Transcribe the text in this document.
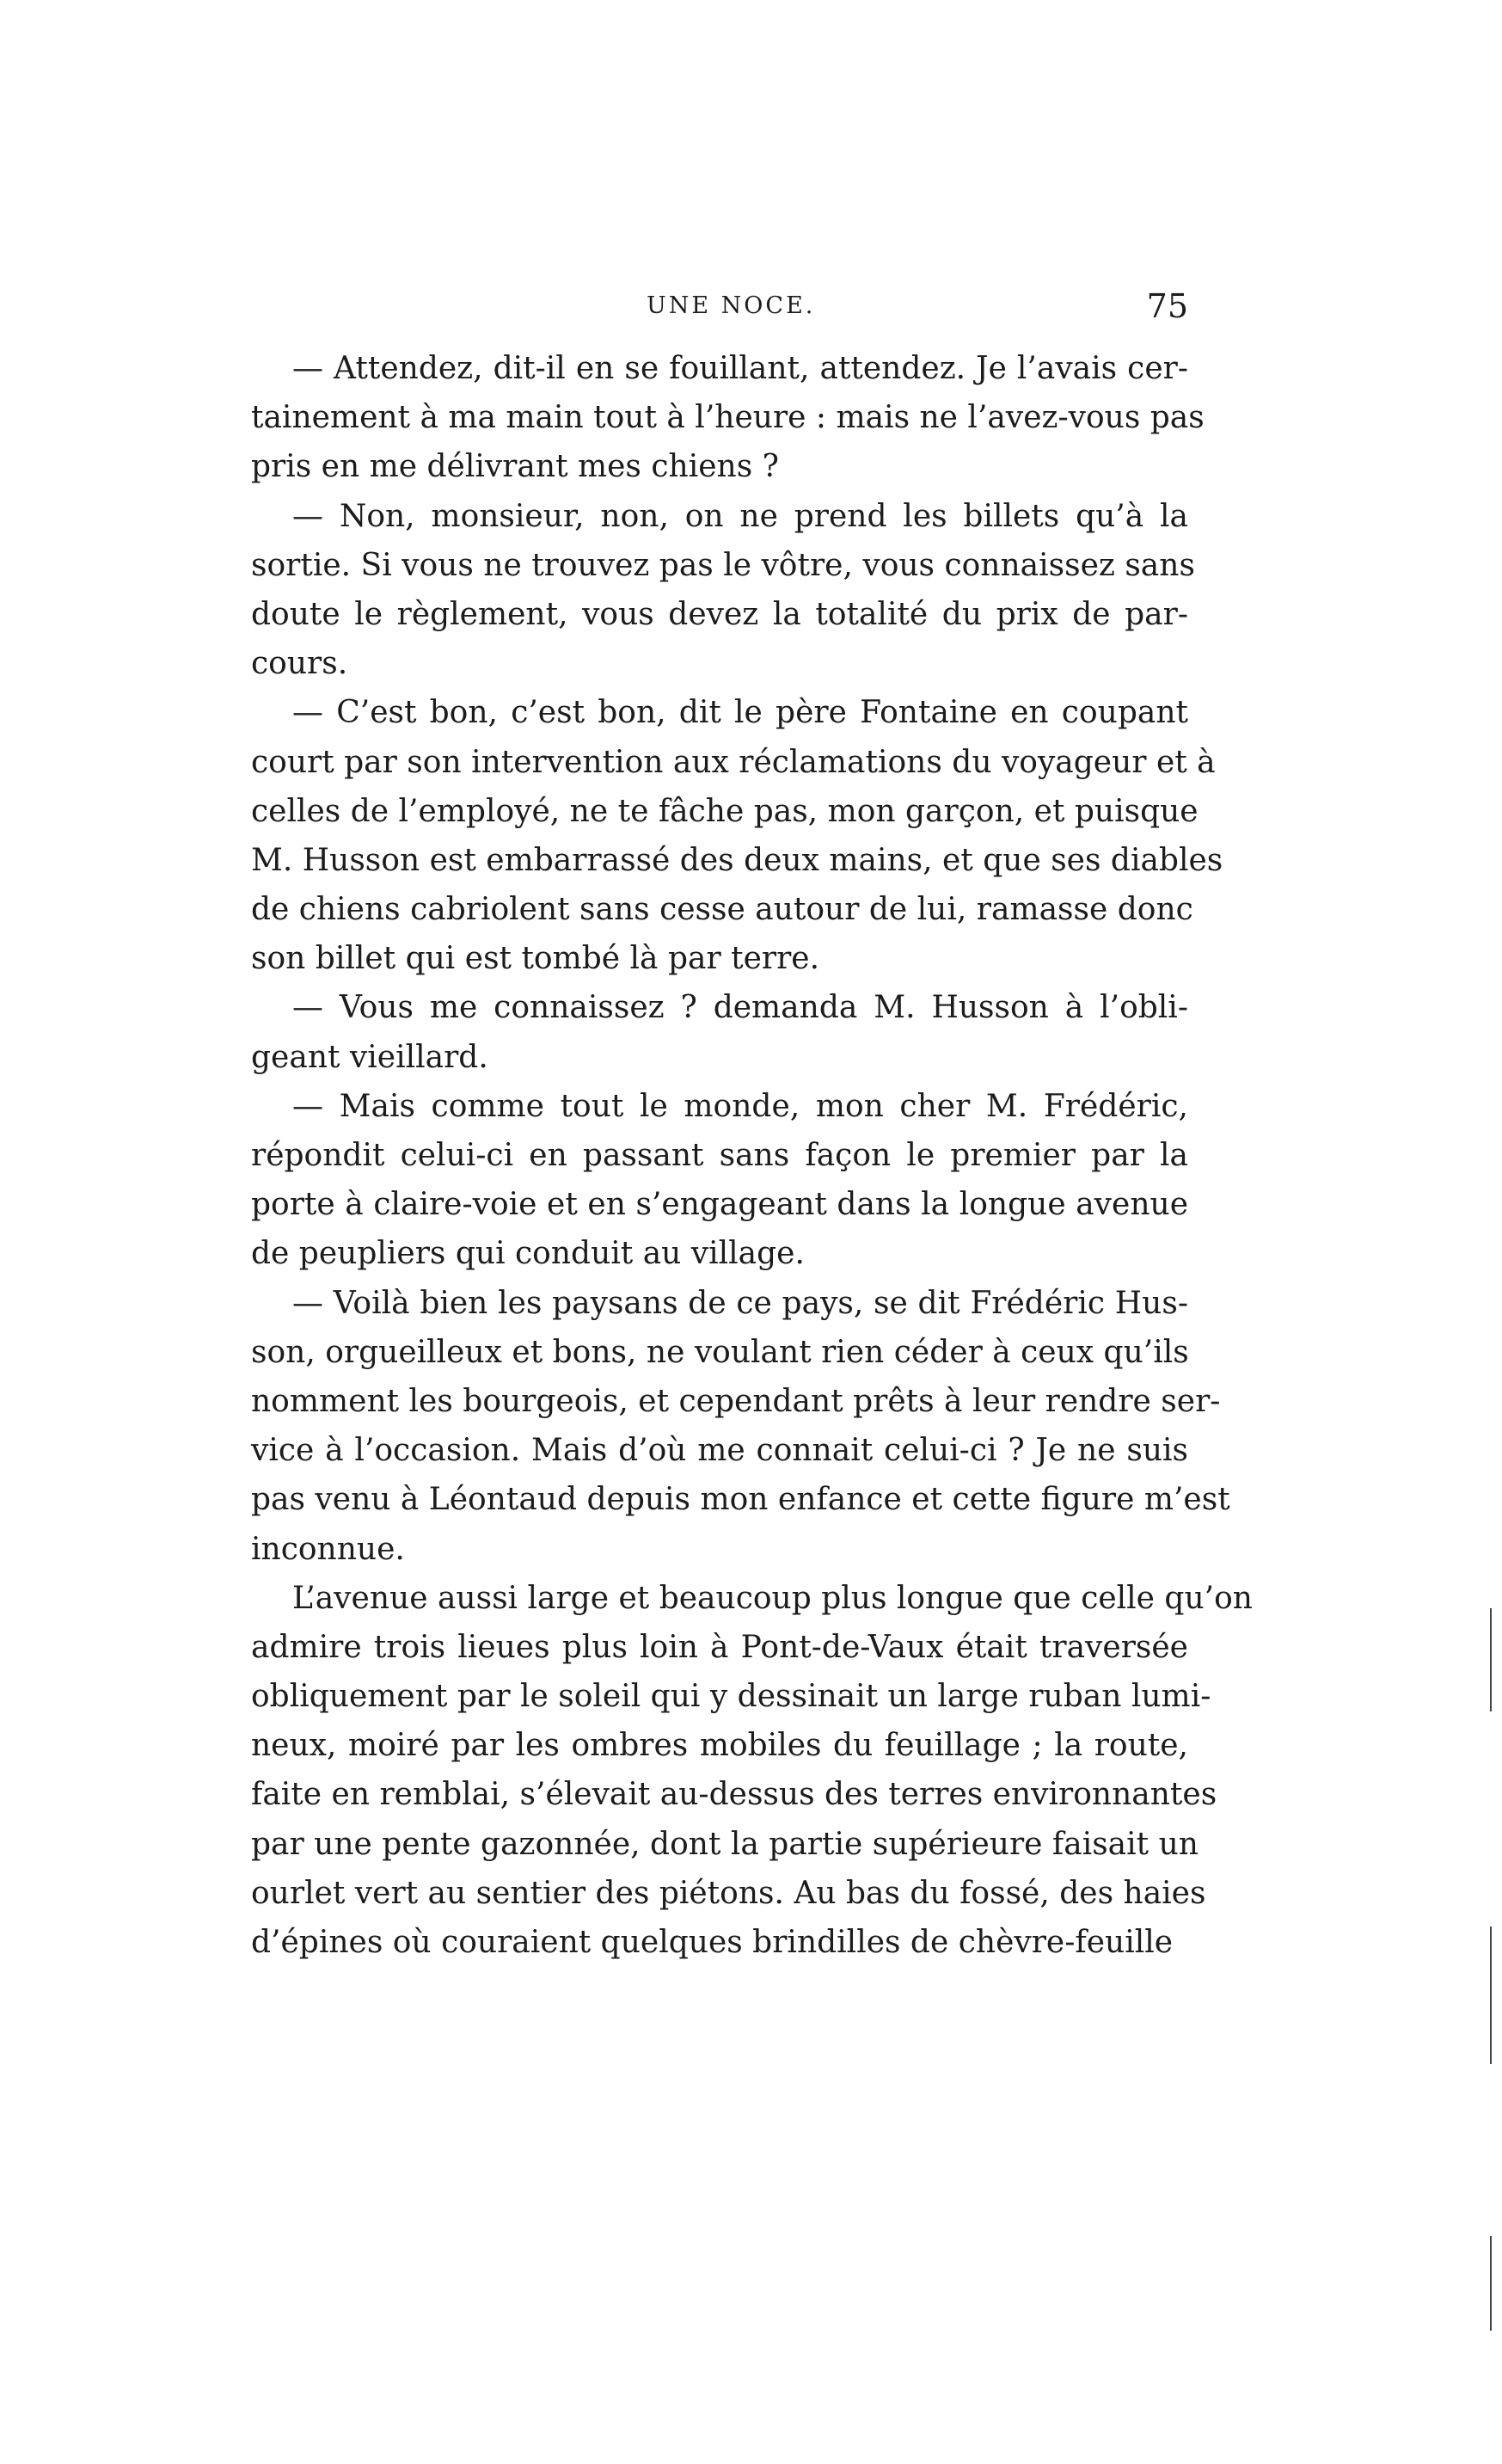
UNE NOCE.	75
— Attendez, dit-il en se fouillant, attendez. Je l’avais cer-
tainement à ma main tout à l’heure : mais ne l’avez-vous pas
pris en me délivrant mes chiens ?
— Non, monsieur, non, on ne prend les billets qu’à la
sortie. Si vous ne trouvez pas le vôtre, vous connaissez sans
doute le règlement, vous devez la totalité du prix de par-
cours.
— C’est bon, c’est bon, dit le père Fontaine en coupant
court par son intervention aux réclamations du voyageur et à
celles de l’employé, ne te fâche pas, mon garçon, et puisque
M. Husson est embarrassé des deux mains, et que ses diables
de chiens cabriolent sans cesse autour de lui, ramasse donc
son billet qui est tombé là par terre.
— Vous me connaissez ? demanda M. Husson à l’obli-
geant vieillard.
— Mais comme tout le monde, mon cher M. Frédéric,
répondit celui-ci en passant sans façon le premier par la
porte à claire-voie et en s’engageant dans la longue avenue
de peupliers qui conduit au village.
— Voilà bien les paysans de ce pays, se dit Frédéric Hus-
son, orgueilleux et bons, ne voulant rien céder à ceux qu’ils
nomment les bourgeois, et cependant prêts à leur rendre ser-
vice à l’occasion. Mais d’où me connait celui-ci ? Je ne suis
pas venu à Léontaud depuis mon enfance et cette figure m’est
inconnue.
L’avenue aussi large et beaucoup plus longue que celle qu’on
admire trois lieues plus loin à Pont-de-Vaux était traversée
obliquement par le soleil qui y dessinait un large ruban lumi-
neux, moiré par les ombres mobiles du feuillage ; la route,
faite en remblai, s’élevait au-dessus des terres environnantes
par une pente gazonnée, dont la partie supérieure faisait un
ourlet vert au sentier des piétons. Au bas du fossé, des haies
d’épines où couraient quelques brindilles de chèvre-feuille
